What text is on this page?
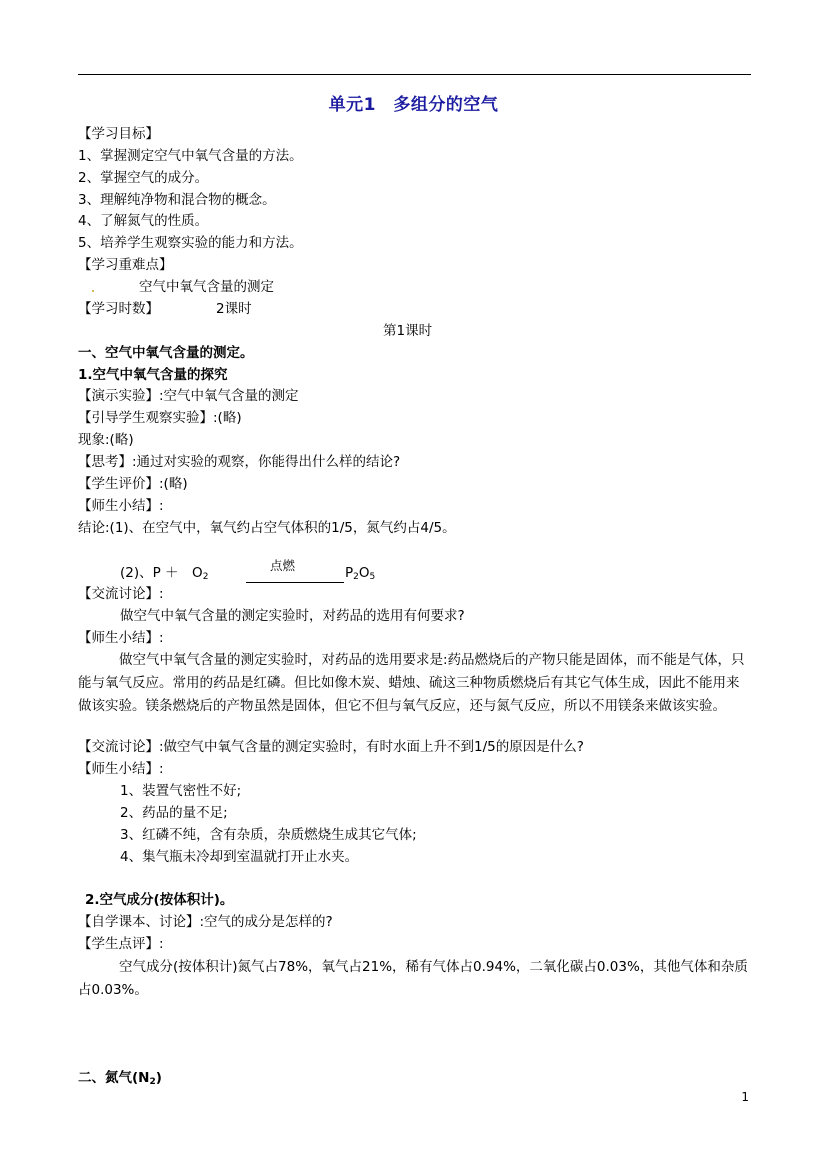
单元1　多组分的空气
【学习目标】
1、掌握测定空气中氧气含量的方法。
2、掌握空气的成分。
3、理解纯净物和混合物的概念。
4、了解氮气的性质。
5、培养学生观察实验的能力和方法。
【学习重难点】
空气中氧气含量的测定
【学习时数】	2课时
第1课时
一、空气中氧气含量的测定。
1.空气中氧气含量的探究
【演示实验】:空气中氧气含量的测定
【引导学生观察实验】:(略)
现象:(略)
【思考】:通过对实验的观察，你能得出什么样的结论?
【学生评价】:(略)
【师生小结】:
结论:(1)、在空气中，氧气约占空气体积的1/5，氮气约占4/5。
(2)、P ＋　$O_2$
点燃	$P_2O_5$
【交流讨论】:
做空气中氧气含量的测定实验时，对药品的选用有何要求?
【师生小结】:
做空气中氧气含量的测定实验时，对药品的选用要求是:药品燃烧后的产物只能是固体，而不能是气体，只能与氧气反应。常用的药品是红磷。但比如像木炭、蜡烛、硫这三种物质燃烧后有其它气体生成，因此不能用来做该实验。镁条燃烧后的产物虽然是固体，但它不但与氧气反应，还与氮气反应，所以不用镁条来做该实验。
【交流讨论】:做空气中氧气含量的测定实验时，有时水面上升不到1/5的原因是什么?
【师生小结】:
1、装置气密性不好;
2、药品的量不足;
3、红磷不纯，含有杂质，杂质燃烧生成其它气体;
4、集气瓶未冷却到室温就打开止水夹。
2.空气成分(按体积计)。
【自学课本、讨论】:空气的成分是怎样的?
【学生点评】:
空气成分(按体积计)氮气占78%，氧气占21%，稀有气体占0.94%，二氧化碳占0.03%，其他气体和杂质占0.03%。
二、氮气$(N_2)$
1
